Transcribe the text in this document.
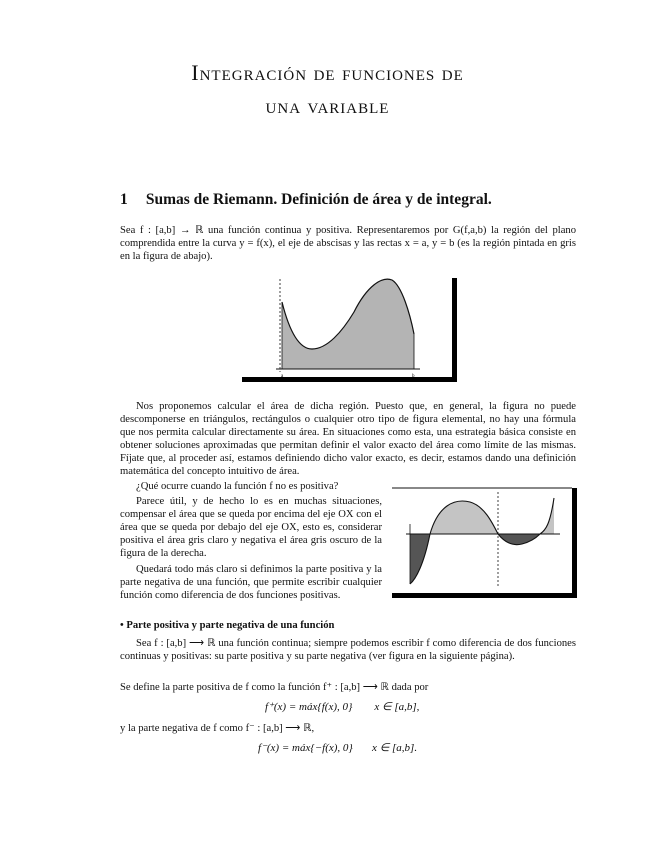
Integración de funciones de
una variable
1 Sumas de Riemann. Definición de área y de integral.
Sea f : [a,b] → ℝ una función continua y positiva. Representaremos por G(f,a,b) la región del plano comprendida entre la curva y = f(x), el eje de abscisas y las rectas x = a, y = b (es la región pintada en gris en la figura de abajo).
a	b
Nos proponemos calcular el área de dicha región. Puesto que, en general, la figura no puede descomponerse en triángulos, rectángulos o cualquier otro tipo de figura elemental, no hay una fórmula que nos permita calcular directamente su área. En situaciones como esta, una estrategia básica consiste en obtener soluciones aproximadas que permitan definir el valor exacto del área como límite de las mismas. Fíjate que, al proceder así, estamos definiendo dicho valor exacto, es decir, estamos dando una definición matemática del concepto intuitivo de área.
¿Qué ocurre cuando la función f no es positiva?
Parece útil, y de hecho lo es en muchas situaciones, compensar el área que se queda por encima del eje OX con el área que se queda por debajo del eje OX, esto es, considerar positiva el área gris claro y negativa el área gris oscuro de la figura de la derecha.
Quedará todo más claro si definimos la parte positiva y la parte negativa de una función, que permite escribir cualquier función como diferencia de dos funciones positivas.
• Parte positiva y parte negativa de una función
Sea f : [a,b] ⟶ ℝ una función continua; siempre podemos escribir f como diferencia de dos funciones continuas y positivas: su parte positiva y su parte negativa (ver figura en la siguiente página).
Se define la parte positiva de f como la función f⁺ : [a,b] ⟶ ℝ dada por
f⁺(x) = máx{f(x), 0}        x ∈ [a,b],
y la parte negativa de f como f⁻ : [a,b] ⟶ ℝ,
f⁻(x) = máx{−f(x), 0}       x ∈ [a,b].
